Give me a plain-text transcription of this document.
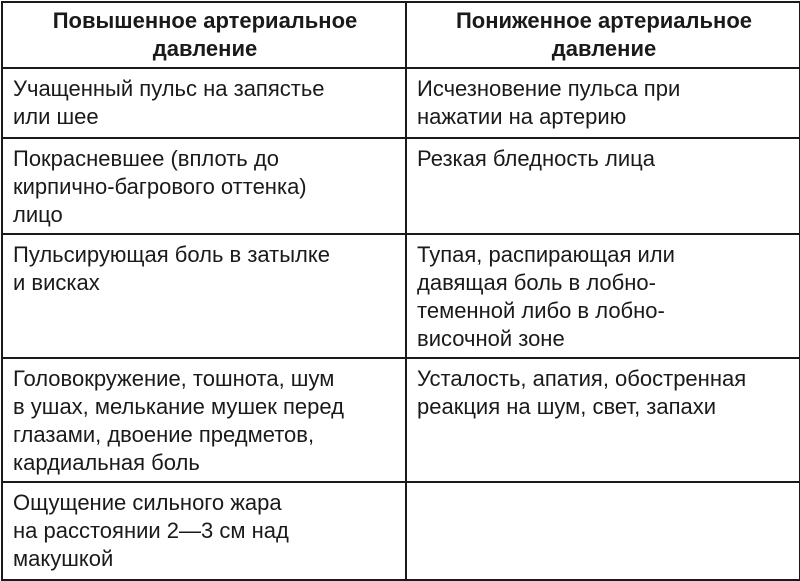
Повышенное артериальное
давление	Пониженное артериальное
давление

Учащенный пульс на запястье
или шее	Исчезновение пульса при
нажатии на артерию

Покрасневшее (вплоть до
кирпично-багрового оттенка)
лицо	Резкая бледность лица

Пульсирующая боль в затылке
и висках	Тупая, распирающая или
давящая боль в лобно-
теменной либо в лобно-
височной зоне

Головокружение, тошнота, шум
в ушах, мелькание мушек перед
глазами, двоение предметов,
кардиальная боль	Усталость, апатия, обостренная
реакция на шум, свет, запахи

Ощущение сильного жара
на расстоянии 2—3 см над
макушкой	
